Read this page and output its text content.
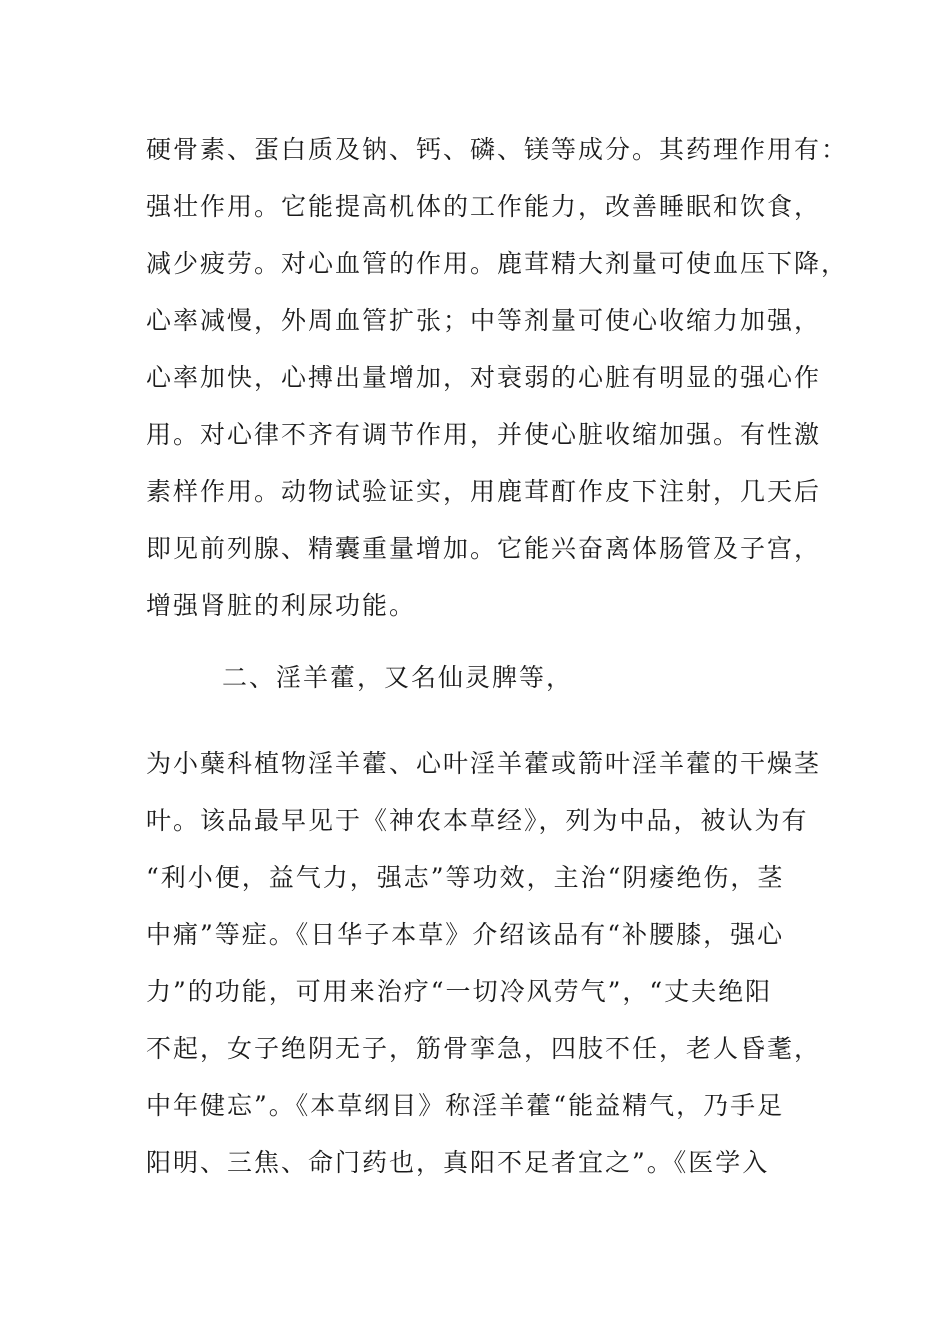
硬骨素、蛋白质及钠、钙、磷、镁等成分。其药理作用有：
强壮作用。它能提高机体的工作能力，改善睡眠和饮食，
减少疲劳。对心血管的作用。鹿茸精大剂量可使血压下降，
心率减慢，外周血管扩张；中等剂量可使心收缩力加强，
心率加快，心搏出量增加，对衰弱的心脏有明显的强心作
用。对心律不齐有调节作用，并使心脏收缩加强。有性激
素样作用。动物试验证实，用鹿茸酊作皮下注射，几天后
即见前列腺、精囊重量增加。它能兴奋离体肠管及子宫，
增强肾脏的利尿功能。
二、淫羊藿，又名仙灵脾等，
为小蘖科植物淫羊藿、心叶淫羊藿或箭叶淫羊藿的干燥茎
叶。该品最早见于《神农本草经》，列为中品，被认为有
“利小便，益气力，强志”等功效，主治“阴痿绝伤，茎
中痛”等症。《日华子本草》介绍该品有“补腰膝，强心
力”的功能，可用来治疗“一切冷风劳气”，“丈夫绝阳
不起，女子绝阴无子，筋骨挛急，四肢不任，老人昏耄，
中年健忘”。《本草纲目》称淫羊藿“能益精气，乃手足
阳明、三焦、命门药也，真阳不足者宜之”。《医学入
